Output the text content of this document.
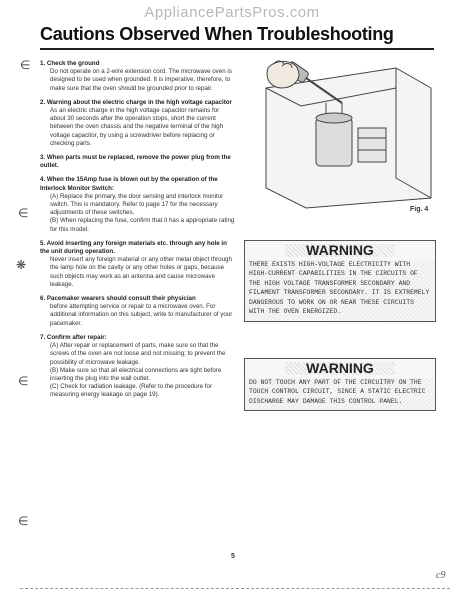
AppliancePartsPros.com
Cautions Observed When Troubleshooting
∈
∈
❋
∈
∈
1. Check the ground
Do not operate on a 2-wire extension cord. The microwave oven is designed to be used when grounded. It is imperative, therefore, to make sure that the oven should be grounded prior to repair.
2. Warning about the electric charge in the high voltage capacitor
As an electric charge in the high voltage capacitor remains for about 30 seconds after the operation stops, short the current between the oven chassis and the negative terminal of the high voltage capacitor, by using a screwdriver before replacing or checking parts.
3. When parts must be replaced, remove the power plug from the outlet.
4. When the 15Amp fuse is blown out by the operation of the Interlock Monitor Switch:
(A) Replace the primary, the door sensing and interlock monitor switch. This is mandatory. Refer to page 17 for the necessary adjustments of these switches.
(B) When replacing the fuse, confirm that it has a appropriate rating for this model.
5. Avoid inserting any foreign materials etc. through any hole in the unit during operation.
Never insert any foreign material or any other metal object through the lamp hole on the cavity or any other holes or gaps, because such objects may work as an antenna and cause microwave leakage.
6. Pacemaker wearers should consult their physician
before attempting service or repair to a microwave oven. For additional information on this subject, write to manufacturer of your pacemaker.
7. Confirm after repair:
(A) After repair or replacement of parts, make sure so that the screws of the oven are not loose and not missing; to prevent the possibility of microwave leakage.
(B) Make sure so that all electrical connections are tight before inserting the plug into the wall outlet.
(C) Check for radiation leakage. (Refer to the procedure for measuring energy leakage on page 19).
Fig. 4
WARNING
THERE EXISTS HIGH-VOLTAGE ELECTRICITY WITH HIGH-CURRENT CAPABILITIES IN THE CIRCUITS OF THE HIGH VOLTAGE TRANSFORMER SECONDARY AND FILAMENT TRANSFORMER SECONDARY. IT IS EXTREMELY DANGEROUS TO WORK ON OR NEAR THESE CIRCUITS WITH THE OVEN ENERGIZED.
WARNING
DO NOT TOUCH ANY PART OF THE CIRCUITRY ON THE TOUCH CONTROL CIRCUIT, SINCE A STATIC ELECTRIC DISCHARGE MAY DAMAGE THIS CONTROL PANEL.
5
c9
